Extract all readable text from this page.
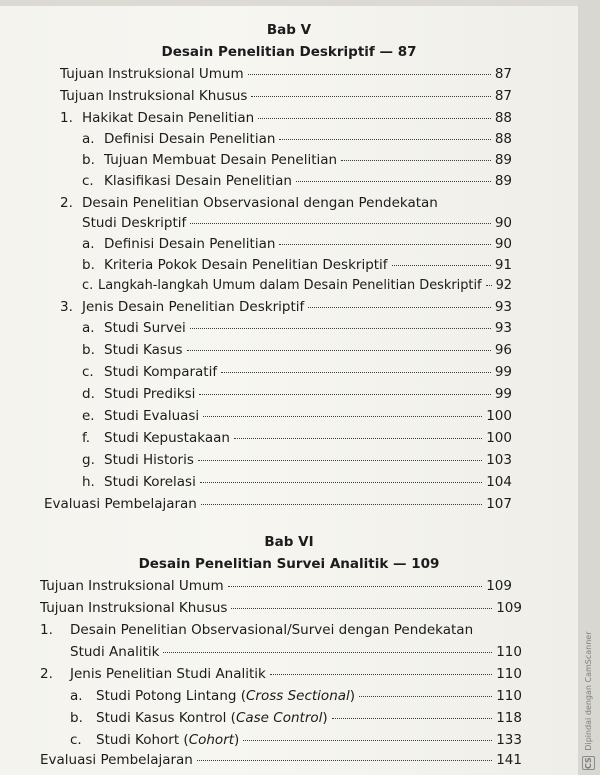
Bab V
Desain Penelitian Deskriptif — 87
Tujuan Instruksional Umum	87
Tujuan Instruksional Khusus	87
1. Hakikat Desain Penelitian	88
a. Definisi Desain Penelitian	88
b. Tujuan Membuat Desain Penelitian	89
c. Klasifikasi Desain Penelitian	89
2. Desain Penelitian Observasional dengan Pendekatan
Studi Deskriptif	90
a. Definisi Desain Penelitian	90
b. Kriteria Pokok Desain Penelitian Deskriptif	91
c. Langkah-langkah Umum dalam Desain Penelitian Deskriptif 92
3. Jenis Desain Penelitian Deskriptif	93
a. Studi Survei	93
b. Studi Kasus	96
c. Studi Komparatif	99
d. Studi Prediksi	99
e. Studi Evaluasi	100
f.	Studi Kepustakaan	100
g. Studi Historis	103
h. Studi Korelasi	104
Evaluasi Pembelajaran	107
Bab VI
Desain Penelitian Survei Analitik — 109
Tujuan Instruksional Umum	109
Tujuan Instruksional Khusus	109
1. Desain Penelitian Observasional/Survei dengan Pendekatan
Studi Analitik	110
2.	Jenis Penelitian Studi Analitik	110
a. Studi Potong Lintang (Cross Sectional)	110
b. Studi Kasus Kontrol (Case Control)	118
c.	Studi Kohort (Cohort)	133
Evaluasi Pembelajaran	141	CS Dipindai dengan CamScanner
